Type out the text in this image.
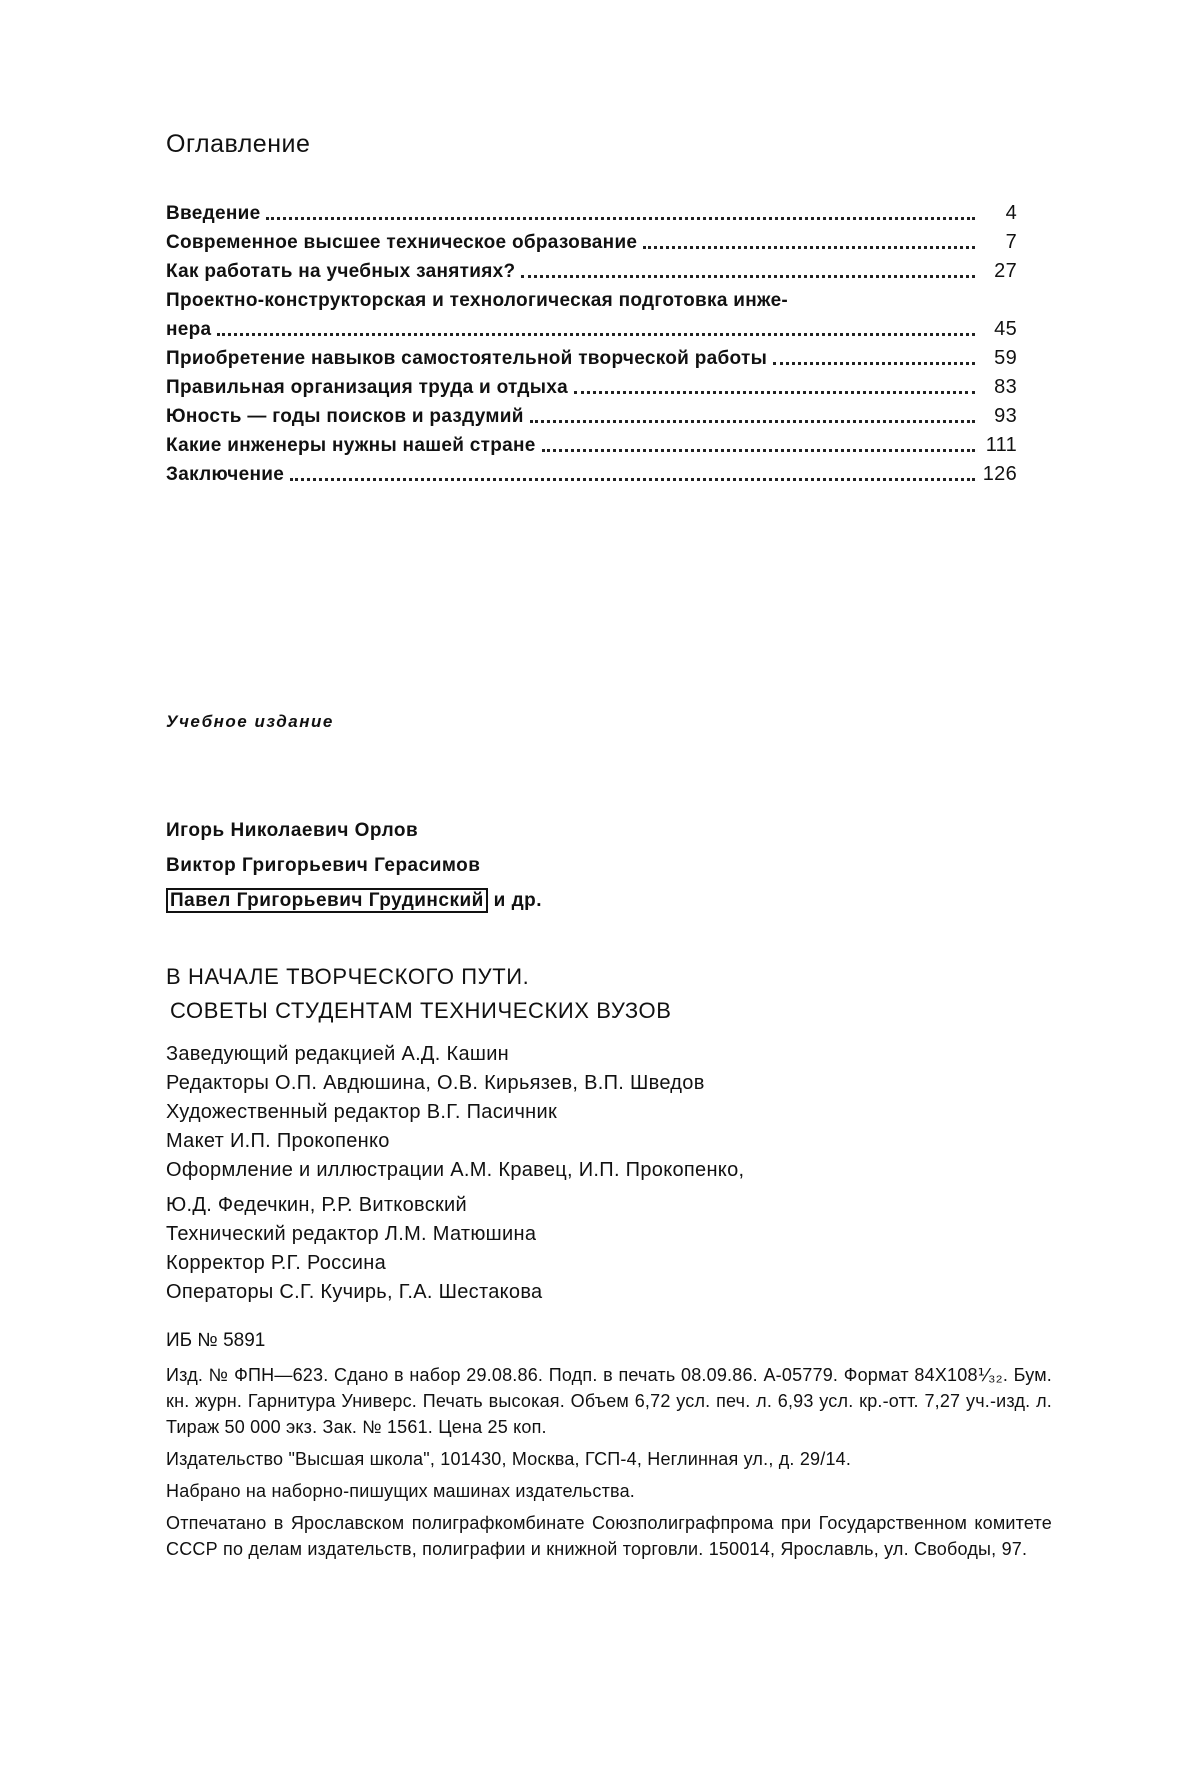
Оглавление
Введение	4
Современное высшее техническое образование	7
Как работать на учебных занятиях?	27
Проектно-конструкторская и технологическая подготовка инже-
нера	45
Приобретение навыков самостоятельной творческой работы	59
Правильная организация труда и отдыха	83
Юность — годы поисков и раздумий	93
Какие инженеры нужны нашей стране	111
Заключение	126
Учебное издание
Игорь Николаевич Орлов
Виктор Григорьевич Герасимов
Павел Григорьевич Грудинский и др.
В НАЧАЛЕ ТВОРЧЕСКОГО ПУТИ.
СОВЕТЫ СТУДЕНТАМ ТЕХНИЧЕСКИХ ВУЗОВ
Заведующий редакцией А.Д. Кашин
Редакторы О.П. Авдюшина, О.В. Кирьязев, В.П. Шведов
Художественный редактор В.Г. Пасичник
Макет И.П. Прокопенко
Оформление и иллюстрации А.М. Кравец, И.П. Прокопенко,
Ю.Д. Федечкин, Р.Р. Витковский
Технический редактор Л.М. Матюшина
Корректор Р.Г. Россина
Операторы С.Г. Кучирь, Г.А. Шестакова
ИБ № 5891

Изд. № ФПН—623. Сдано в набор 29.08.86. Подп. в печать 08.09.86. А-05779. Формат 84X108⅟₃₂. Бум. кн. журн. Гарнитура Универс. Печать высокая. Объем 6,72 усл. печ. л. 6,93 усл. кр.-отт. 7,27 уч.-изд. л. Тираж 50 000 экз. Зак. № 1561. Цена 25 коп.

Издательство "Высшая школа", 101430, Москва, ГСП-4, Неглинная ул., д. 29/14.

Набрано на наборно-пишущих машинах издательства.

Отпечатано в Ярославском полиграфкомбинате Союзполиграфпрома при Государственном комитете СССР по делам издательств, полиграфии и книжной торговли. 150014, Ярославль, ул. Свободы, 97.
